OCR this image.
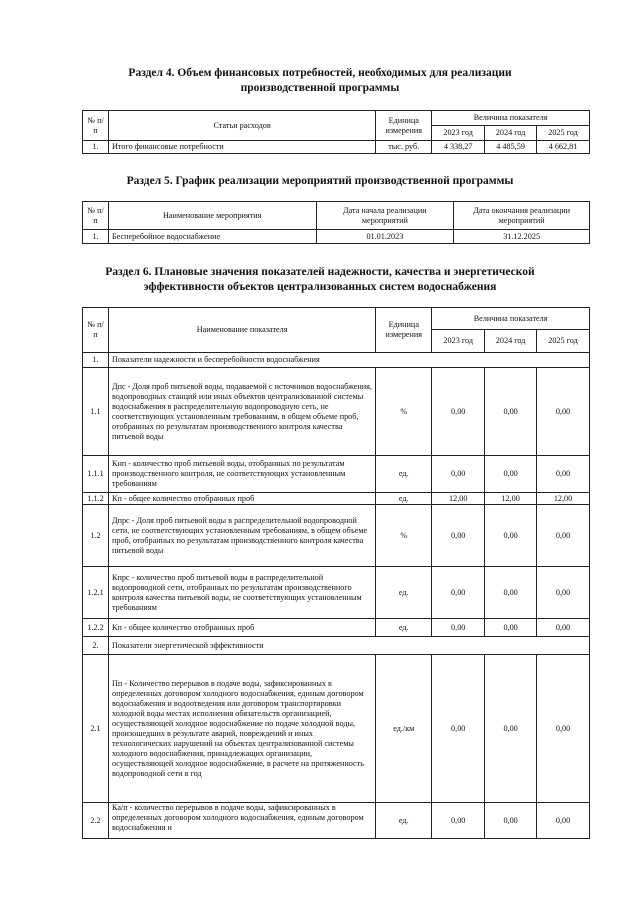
Раздел 4. Объем финансовых потребностей, необходимых для реализации
производственной программы
№ п/п	Статьи расходов	Единица измерения	Величина показателя		
			2023 год	2024 год	2025 год
1.	Итого финансовые потребности	тыс. руб.	4 338,27	4 485,59	4 662,81
Раздел 5. График реализации мероприятий производственной программы
№ п/п	Наименование мероприятия	Дата начала реализации мероприятий	Дата окончания реализации мероприятий
1.	Бесперебойное водоснабжение	01.01.2023	31.12.2025
Раздел 6. Плановые значения показателей надежности, качества и энергетической
эффективности объектов централизованных систем водоснабжения
№ п/п	Наименование показателя	Единица измерения	Величина показателя		
			2023 год	2024 год	2025 год
1.	Показатели надежности и бесперебойности водоснабжения				
1.1	Дпс - Доля проб питьевой воды, подаваемой с источников водоснабжения, водопроводных станций или иных объектов централизованной системы водоснабжения в распределительную водопроводную сеть, не соответствующих установленным требованиям, в общем объеме проб, отобранных по результатам производственного контроля качества питьевой воды	%	0,00	0,00	0,00
1.1.1	Кнп - количество проб питьевой воды, отобранных по результатам производственного контроля, не соответствующих установленным требованиям	ед.	0,00	0,00	0,00
1.1.2	Кп - общее количество отобранных проб	ед.	12,00	12,00	12,00
1.2	Дпрс - Доля проб питьевой воды в распределительной водопроводной сети, не соответствующих установленным требованиям, в общем объеме проб, отобранных по результатам производственного контроля качества питьевой воды	%	0,00	0,00	0,00
1.2.1	Кпрс - количество проб питьевой воды в распределительной водопроводной сети, отобранных по результатам производственного контроля качества питьевой воды, не соответствующих установленным требованиям	ед.	0,00	0,00	0,00
1.2.2	Кп - общее количество отобранных проб	ед.	0,00	0,00	0,00
2.	Показатели энергетической эффективности				
2.1	Пп - Количество перерывов в подаче воды, зафиксированных в определенных договором холодного водоснабжения, единым договором водоснабжения и водоотведения или договором транспортировки холодной воды местах исполнения обязательств организацией, осуществляющей холодное водоснабжение по подаче холодной воды, произошедших в результате аварий, повреждений и иных технологических нарушений на объектах централизованной системы холодного водоснабжения, принадлежащих организации, осуществляющей холодное водоснабжение, в расчете на протяженность водопроводной сети в год	ед./км	0,00	0,00	0,00
2.2	Ка/п - количество перерывов в подаче воды, зафиксированных в определенных договором холодного водоснабжения, единым договором водоснабжения и	ед.	0,00	0,00	0,00
